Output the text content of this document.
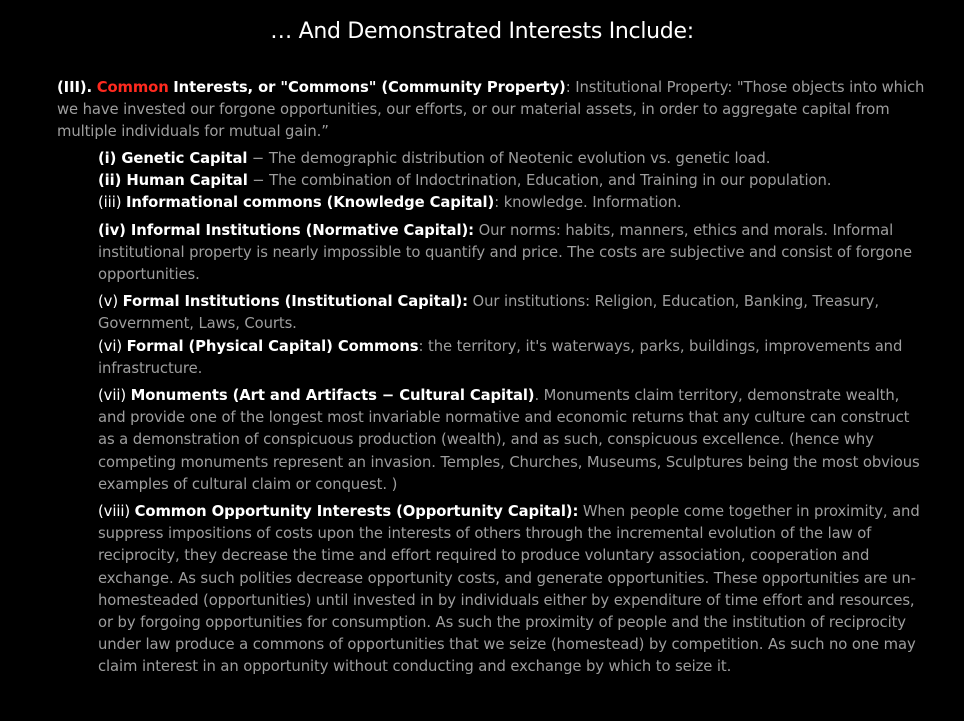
… And Demonstrated Interests Include:
(III). Common Interests, or "Commons" (Community Property): Institutional Property: "Those objects into which we have invested our forgone opportunities, our efforts, or our material assets, in order to aggregate capital from multiple individuals for mutual gain.”
(i) Genetic Capital − The demographic distribution of Neotenic evolution vs. genetic load.
(ii) Human Capital − The combination of Indoctrination, Education, and Training in our population.
(iii) Informational commons (Knowledge Capital): knowledge. Information.
(iv) Informal Institutions (Normative Capital): Our norms: habits, manners, ethics and morals. Informal institutional property is nearly impossible to quantify and price. The costs are subjective and consist of forgone opportunities.
(v) Formal Institutions (Institutional Capital): Our institutions: Religion, Education, Banking, Treasury, Government, Laws, Courts.
(vi) Formal (Physical Capital) Commons: the territory, it's waterways, parks, buildings, improvements and infrastructure.
(vii) Monuments (Art and Artifacts − Cultural Capital). Monuments claim territory, demonstrate wealth, and provide one of the longest most invariable normative and economic returns that any culture can construct as a demonstration of conspicuous production (wealth), and as such, conspicuous excellence. (hence why competing monuments represent an invasion. Temples, Churches, Museums, Sculptures being the most obvious examples of cultural claim or conquest. )
(viii) Common Opportunity Interests (Opportunity Capital): When people come together in proximity, and suppress impositions of costs upon the interests of others through the incremental evolution of the law of reciprocity, they decrease the time and effort required to produce voluntary association, cooperation and exchange. As such polities decrease opportunity costs, and generate opportunities. These opportunities are un-homesteaded (opportunities) until invested in by individuals either by expenditure of time effort and resources, or by forgoing opportunities for consumption. As such the proximity of people and the institution of reciprocity under law produce a commons of opportunities that we seize (homestead) by competition. As such no one may claim interest in an opportunity without conducting and exchange by which to seize it.
